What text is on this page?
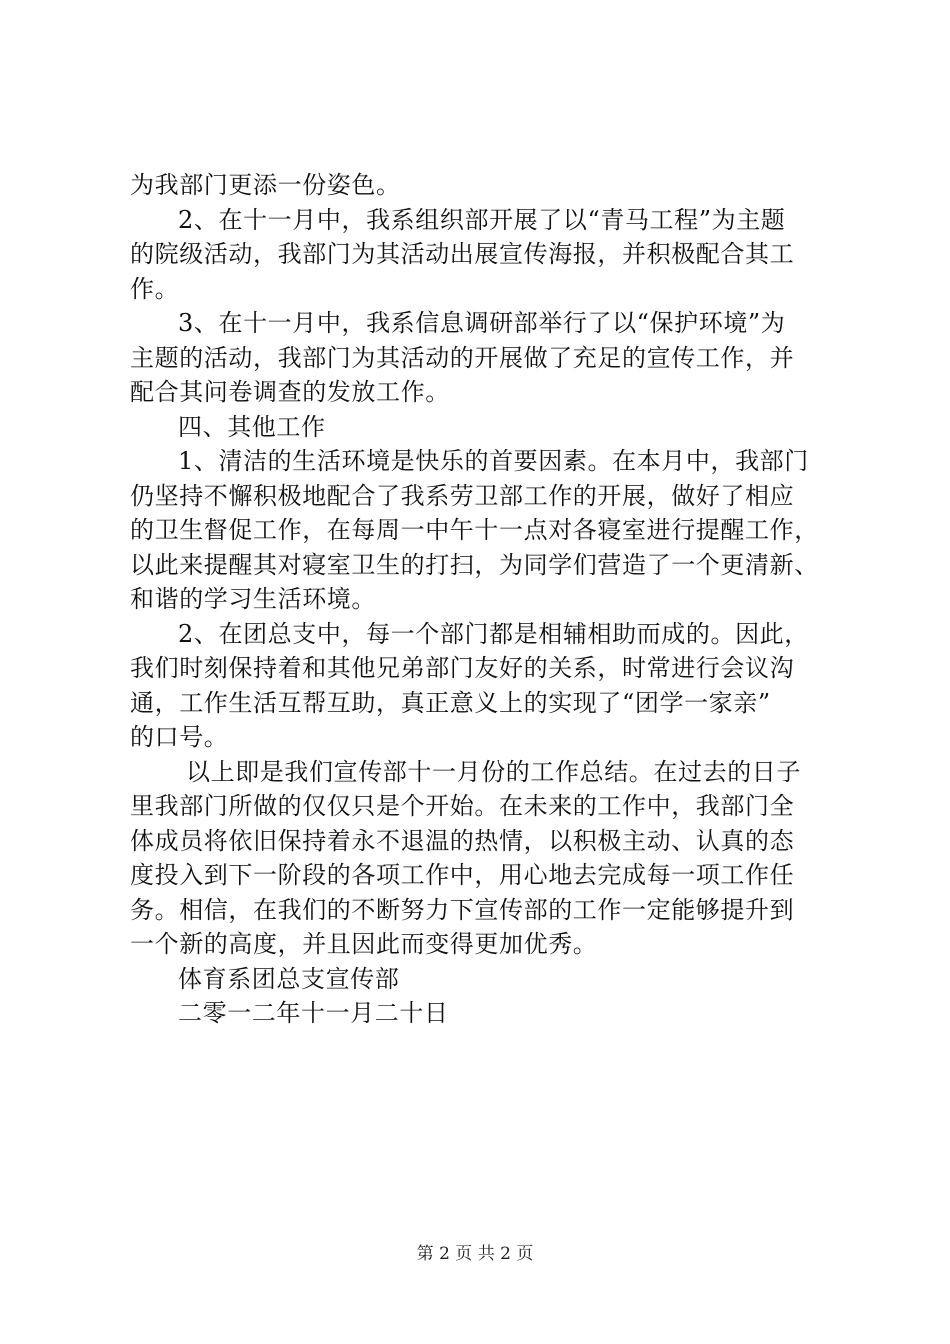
为我部门更添一份姿色。
2、在十一月中，我系组织部开展了以“青马工程”为主题
的院级活动，我部门为其活动出展宣传海报，并积极配合其工
作。
3、在十一月中，我系信息调研部举行了以“保护环境”为
主题的活动，我部门为其活动的开展做了充足的宣传工作，并
配合其问卷调查的发放工作。
四、其他工作
1、清洁的生活环境是快乐的首要因素。在本月中，我部门
仍坚持不懈积极地配合了我系劳卫部工作的开展，做好了相应
的卫生督促工作，在每周一中午十一点对各寝室进行提醒工作，
以此来提醒其对寝室卫生的打扫，为同学们营造了一个更清新、
和谐的学习生活环境。
2、在团总支中，每一个部门都是相辅相助而成的。因此，
我们时刻保持着和其他兄弟部门友好的关系，时常进行会议沟
通，工作生活互帮互助，真正意义上的实现了“团学一家亲”
的口号。
以上即是我们宣传部十一月份的工作总结。在过去的日子
里我部门所做的仅仅只是个开始。在未来的工作中，我部门全
体成员将依旧保持着永不退温的热情，以积极主动、认真的态
度投入到下一阶段的各项工作中，用心地去完成每一项工作任
务。相信，在我们的不断努力下宣传部的工作一定能够提升到
一个新的高度，并且因此而变得更加优秀。
体育系团总支宣传部
二零一二年十一月二十日
第 2 页 共 2 页
